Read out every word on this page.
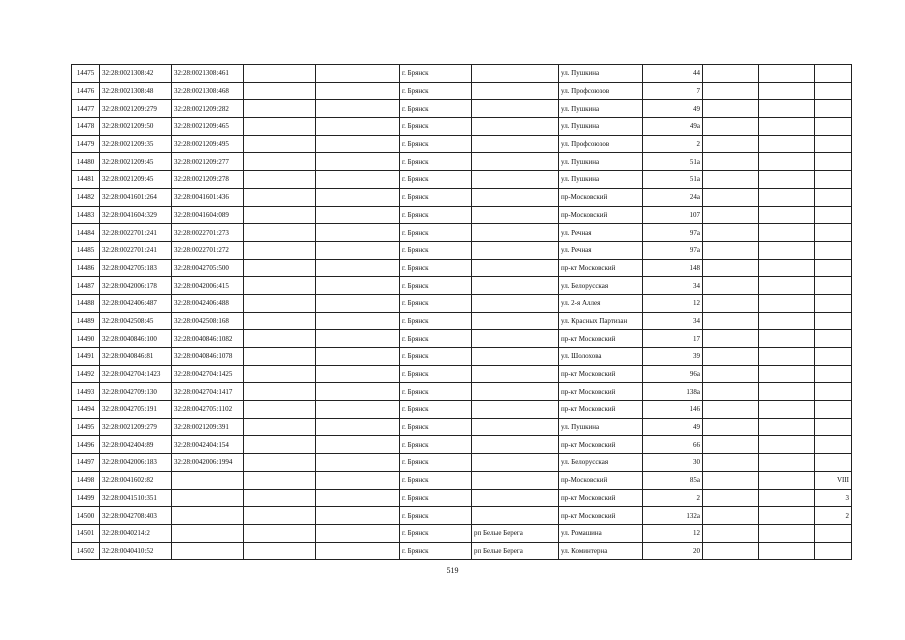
14475	32:28:0021308:42	32:28:0021308:461			г. Брянск		ул. Пушкина	44			
14476	32:28:0021308:48	32:28:0021308:468			г. Брянск		ул. Профсоюзов	7			
14477	32:28:0021209:279	32:28:0021209:282			г. Брянск		ул. Пушкина	49			
14478	32:28:0021209:50	32:28:0021209:465			г. Брянск		ул. Пушкина	49а			
14479	32:28:0021209:35	32:28:0021209:495			г. Брянск		ул. Профсоюзов	2			
14480	32:28:0021209:45	32:28:0021209:277			г. Брянск		ул. Пушкина	51а			
14481	32:28:0021209:45	32:28:0021209:278			г. Брянск		ул. Пушкина	51а			
14482	32:28:0041601:264	32:28:0041601:436			г. Брянск		пр-Московский	24а			
14483	32:28:0041604:329	32:28:0041604:089			г. Брянск		пр-Московский	107			
14484	32:28:0022701:241	32:28:0022701:273			г. Брянск		ул. Речная	97а			
14485	32:28:0022701:241	32:28:0022701:272			г. Брянск		ул. Речная	97а			
14486	32:28:0042705:183	32:28:0042705:500			г. Брянск		пр-кт Московский	148			
14487	32:28:0042006:178	32:28:0042006:415			г. Брянск		ул. Белорусская	34			
14488	32:28:0042406:487	32:28:0042406:488			г. Брянск		ул. 2-я Аллея	12			
14489	32:28:0042508:45	32:28:0042508:168			г. Брянск		ул. Красных Партизан	34			
14490	32:28:0040846:100	32:28:0040846:1082			г. Брянск		пр-кт Московский	17			
14491	32:28:0040846:81	32:28:0040846:1078			г. Брянск		ул. Шолохова	39			
14492	32:28:0042704:1423	32:28:0042704:1425			г. Брянск		пр-кт Московский	96а			
14493	32:28:0042709:130	32:28:0042704:1417			г. Брянск		пр-кт Московский	138а			
14494	32:28:0042705:191	32:28:0042705:1102			г. Брянск		пр-кт Московский	146			
14495	32:28:0021209:279	32:28:0021209:391			г. Брянск		ул. Пушкина	49			
14496	32:28:0042404:89	32:28:0042404:154			г. Брянск		пр-кт Московский	66			
14497	32:28:0042006:183	32:28:0042006:1994			г. Брянск		ул. Белорусская	30			
14498	32:28:0041602:82				г. Брянск		пр-Московский	85а			VIII
14499	32:28:0041510:351				г. Брянск		пр-кт Московский	2			3
14500	32:28:0042708:403				г. Брянск		пр-кт Московский	132а			2
14501	32:28:0040214:2				г. Брянск	рп Белые Берега	ул. Ромашина	12			
14502	32:28:0040410:52				г. Брянск	рп Белые Берега	ул. Коминтерна	20			
519
